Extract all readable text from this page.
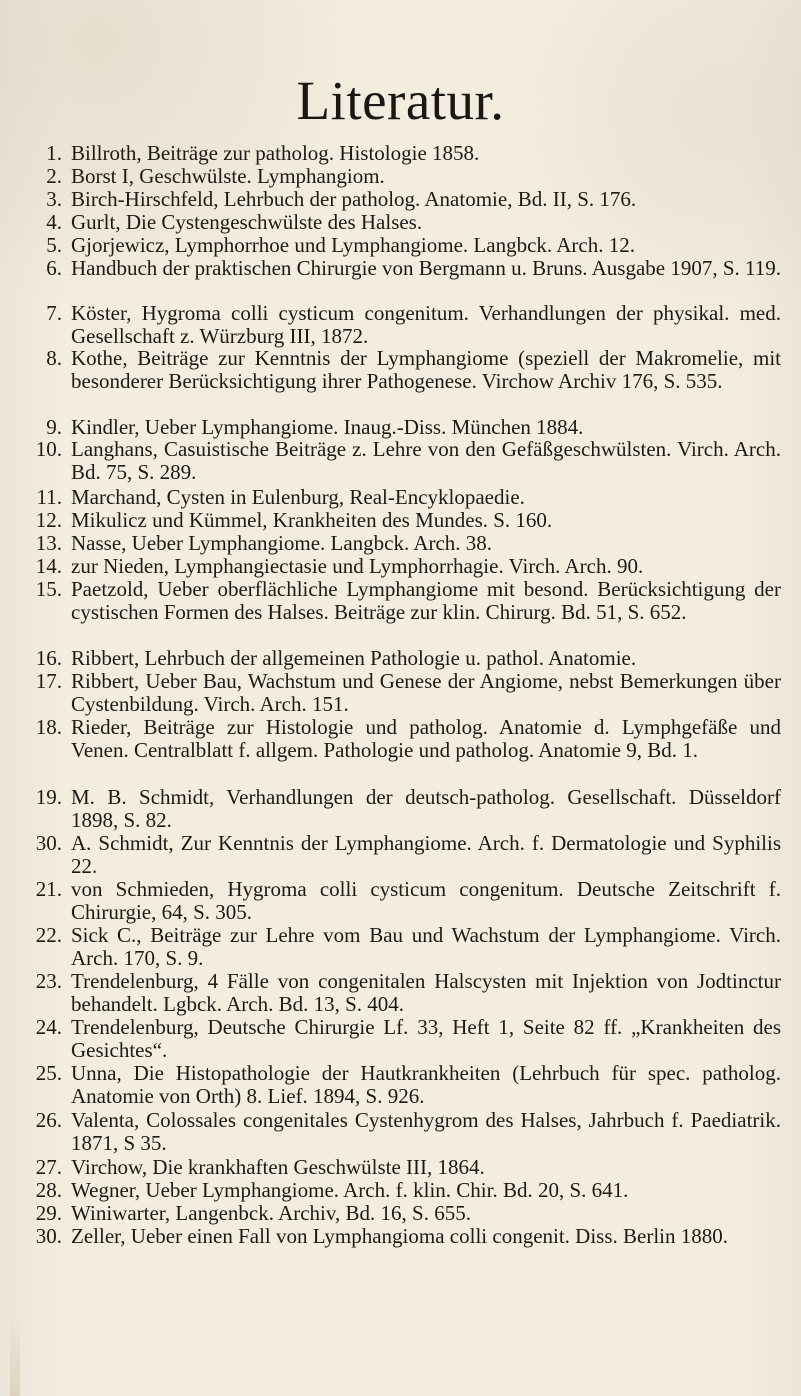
Literatur.
1. Billroth, Beiträge zur patholog. Histologie 1858.
2. Borst I, Geschwülste. Lymphangiom.
3. Birch-Hirschfeld, Lehrbuch der patholog. Anatomie, Bd. II, S. 176.
4. Gurlt, Die Cystengeschwülste des Halses.
5. Gjorjewicz, Lymphorrhoe und Lymphangiome. Langbck. Arch. 12.
6. Handbuch der praktischen Chirurgie von Bergmann u. Bruns. Ausgabe 1907, S. 119.
7. Köster, Hygroma colli cysticum congenitum. Verhandlungen der physikal. med. Gesellschaft z. Würzburg III, 1872.
8. Kothe, Beiträge zur Kenntnis der Lymphangiome (speziell der Makromelie, mit besonderer Berücksichtigung ihrer Pathogenese. Virchow Archiv 176, S. 535.
9. Kindler, Ueber Lymphangiome. Inaug.-Diss. München 1884.
10. Langhans, Casuistische Beiträge z. Lehre von den Gefäßgeschwülsten. Virch. Arch. Bd. 75, S. 289.
11. Marchand, Cysten in Eulenburg, Real-Encyklopaedie.
12. Mikulicz und Kümmel, Krankheiten des Mundes. S. 160.
13. Nasse, Ueber Lymphangiome. Langbck. Arch. 38.
14. zur Nieden, Lymphangiectasie und Lymphorrhagie. Virch. Arch. 90.
15. Paetzold, Ueber oberflächliche Lymphangiome mit besond. Berücksichtigung der cystischen Formen des Halses. Beiträge zur klin. Chirurg. Bd. 51, S. 652.
16. Ribbert, Lehrbuch der allgemeinen Pathologie u. pathol. Anatomie.
17. Ribbert, Ueber Bau, Wachstum und Genese der Angiome, nebst Bemerkungen über Cystenbildung. Virch. Arch. 151.
18. Rieder, Beiträge zur Histologie und patholog. Anatomie d. Lymphgefäße und Venen. Centralblatt f. allgem. Pathologie und patholog. Anatomie 9, Bd. 1.
19. M. B. Schmidt, Verhandlungen der deutsch-patholog. Gesellschaft. Düsseldorf 1898, S. 82.
30. A. Schmidt, Zur Kenntnis der Lymphangiome. Arch. f. Dermatologie und Syphilis 22.
21. von Schmieden, Hygroma colli cysticum congenitum. Deutsche Zeitschrift f. Chirurgie, 64, S. 305.
22. Sick C., Beiträge zur Lehre vom Bau und Wachstum der Lymphangiome. Virch. Arch. 170, S. 9.
23. Trendelenburg, 4 Fälle von congenitalen Halscysten mit Injektion von Jodtinctur behandelt. Lgbck. Arch. Bd. 13, S. 404.
24. Trendelenburg, Deutsche Chirurgie Lf. 33, Heft 1, Seite 82 ff. „Krankheiten des Gesichtes“.
25. Unna, Die Histopathologie der Hautkrankheiten (Lehrbuch für spec. patholog. Anatomie von Orth) 8. Lief. 1894, S. 926.
26. Valenta, Colossales congenitales Cystenhygrom des Halses, Jahrbuch f. Paediatrik. 1871, S 35.
27. Virchow, Die krankhaften Geschwülste III, 1864.
28. Wegner, Ueber Lymphangiome. Arch. f. klin. Chir. Bd. 20, S. 641.
29. Winiwarter, Langenbck. Archiv, Bd. 16, S. 655.
30. Zeller, Ueber einen Fall von Lymphangioma colli congenit. Diss. Berlin 1880.
